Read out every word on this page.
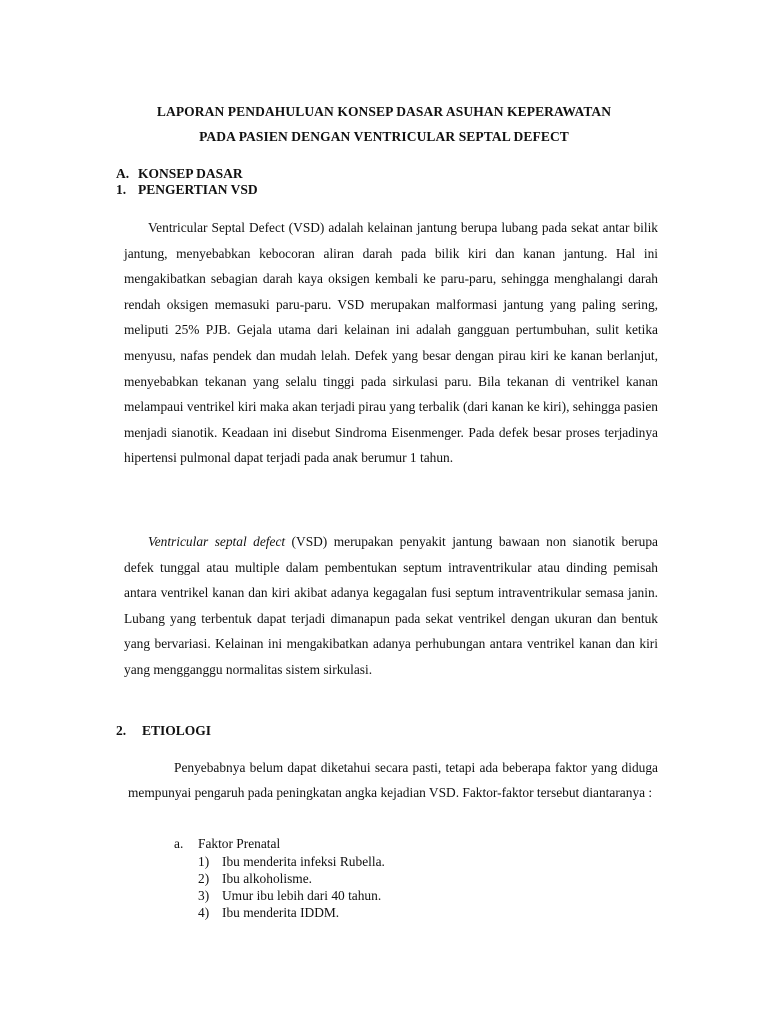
LAPORAN PENDAHULUAN KONSEP DASAR ASUHAN KEPERAWATAN
PADA PASIEN DENGAN VENTRICULAR SEPTAL DEFECT
A. KONSEP DASAR
1. PENGERTIAN VSD

Ventricular Septal Defect (VSD) adalah kelainan jantung berupa lubang pada sekat antar bilik jantung, menyebabkan kebocoran aliran darah pada bilik kiri dan kanan jantung. Hal ini mengakibatkan sebagian darah kaya oksigen kembali ke paru-paru, sehingga menghalangi darah rendah oksigen memasuki paru-paru. VSD merupakan malformasi jantung yang paling sering, meliputi 25% PJB. Gejala utama dari kelainan ini adalah gangguan pertumbuhan, sulit ketika menyusu, nafas pendek dan mudah lelah. Defek yang besar dengan pirau kiri ke kanan berlanjut, menyebabkan tekanan yang selalu tinggi pada sirkulasi paru. Bila tekanan di ventrikel kanan melampaui ventrikel kiri maka akan terjadi pirau yang terbalik (dari kanan ke kiri), sehingga pasien menjadi sianotik. Keadaan ini disebut Sindroma Eisenmenger. Pada defek besar proses terjadinya hipertensi pulmonal dapat terjadi pada anak berumur 1 tahun.

Ventricular septal defect (VSD) merupakan penyakit jantung bawaan non sianotik berupa defek tunggal atau multiple dalam pembentukan septum intraventrikular atau dinding pemisah antara ventrikel kanan dan kiri akibat adanya kegagalan fusi septum intraventrikular semasa janin. Lubang yang terbentuk dapat terjadi dimanapun pada sekat ventrikel dengan ukuran dan bentuk yang bervariasi. Kelainan ini mengakibatkan adanya perhubungan antara ventrikel kanan dan kiri yang mengganggu normalitas sistem sirkulasi.

2. ETIOLOGI

Penyebabnya belum dapat diketahui secara pasti, tetapi ada beberapa faktor yang diduga mempunyai pengaruh pada peningkatan angka kejadian VSD. Faktor-faktor tersebut diantaranya :

a. Faktor Prenatal
1) Ibu menderita infeksi Rubella.
2) Ibu alkoholisme.
3) Umur ibu lebih dari 40 tahun.
4) Ibu menderita IDDM.
